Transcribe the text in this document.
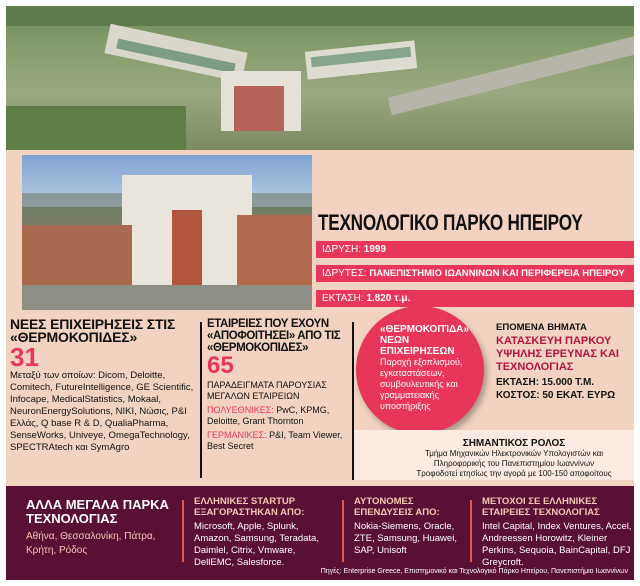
ΤΕΧΝΟΛΟΓΙΚΟ ΠΑΡΚΟ ΗΠΕΙΡΟΥ
ΙΔΡΥΣΗ: 1999
ΙΔΡΥΤΕΣ: ΠΑΝΕΠΙΣΤΗΜΙΟ ΙΩΑΝΝΙΝΩΝ ΚΑΙ ΠΕΡΙΦΕΡΕΙΑ ΗΠΕΙΡΟΥ
ΕΚΤΑΣΗ: 1.820 τ.μ.
ΝΕΕΣ ΕΠΙΧΕΙΡΗΣΕΙΣ ΣΤΙΣ «ΘΕΡΜΟΚΟΠΙΔΕΣ»
31
Μεταξύ των οποίων: Dicom, Deloitte, Comitech, FutureIntelligence, GE Scientific, Infocape, MedicalStatistics, Mokaal, NeuronEnergySolutions, NIKI, Nώσις, P&I Ελλάς, Q base R & D, QualiaPharma, SenseWorks, Univeye, OmegaTechnology, SPECTRAtech και SymAgro
ΕΤΑΙΡΕΙΕΣ ΠΟΥ ΕΧΟΥΝ «ΑΠΟΦΟΙΤΗΣΕΙ» ΑΠΟ ΤΙΣ «ΘΕΡΜΟΚΟΠΙΔΕΣ»
65
ΠΑΡΑΔΕΙΓΜΑΤΑ ΠΑΡΟΥΣΙΑΣ ΜΕΓΑΛΩΝ ΕΤΑΙΡΕΙΩΝ
ΠΟΛΥΕΘΝΙΚΕΣ: PwC, KPMG, Deloitte, Grant Thornton
ΓΕΡΜΑΝΙΚΕΣ: P&I, Team Viewer, Best Secret
«ΘΕΡΜΟΚΟΙΤΙΔΑ» ΝΕΩΝ ΕΠΙΧΕΙΡΗΣΕΩΝ
Παροχή εξοπλισμού, εγκαταστάσεων, συμβουλευτικής και γραμματειακής υποστήριξης
ΕΠΟΜΕΝΑ ΒΗΜΑΤΑ
ΚΑΤΑΣΚΕΥΗ ΠΑΡΚΟΥ ΥΨΗΛΗΣ ΕΡΕΥΝΑΣ ΚΑΙ ΤΕΧΝΟΛΟΓΙΑΣ
ΕΚΤΑΣΗ: 15.000 Τ.Μ.
ΚΟΣΤΟΣ: 50 ΕΚΑΤ. ΕΥΡΩ
ΣΗΜΑΝΤΙΚΟΣ ΡΟΛΟΣ
Τμήμα Μηχανικών Ηλεκτρονικών Υπολογιστών και Πληροφορικής του Πανεπιστημίου Ιωαννίνων Τροφοδοτεί ετησίως την αγορά με 100-150 αποφοίτους
ΑΛΛΑ ΜΕΓΑΛΑ ΠΑΡΚΑ ΤΕΧΝΟΛΟΓΙΑΣ
Αθήνα, Θεσσαλονίκη, Πάτρα, Κρήτη, Ρόδος
ΕΛΛΗΝΙΚΕΣ STARTUP ΕΞΑΓΟΡΑΣΤΗΚΑΝ ΑΠΟ:
Microsoft, Apple, Splunk, Amazon, Samsung, Teradata, Daimlel, Citrix, Vmware, DellEMC, Salesforce.
ΑΥΤΟΝΟΜΕΣ ΕΠΕΝΔΥΣΕΙΣ ΑΠΟ:
Nokia-Siemens, Oracle, ZTE, Samsung, Huawei, SAP, Unisoft
ΜΕΤΟΧΟΙ ΣΕ ΕΛΛΗΝΙΚΕΣ ΕΤΑΙΡΕΙΕΣ ΤΕΧΝΟΛΟΓΙΑΣ
Intel Capital, Index Ventures, Accel, Andreessen Horowitz, Kleiner Perkins, Sequoia, BainCapital, DFJ Greycroft.
Πηγές: Enterprise Greece, Επιστημονικό και Τεχνολογικό Πάρκο Ηπείρου, Πανεπιστήμιο Ιωαννίνων
